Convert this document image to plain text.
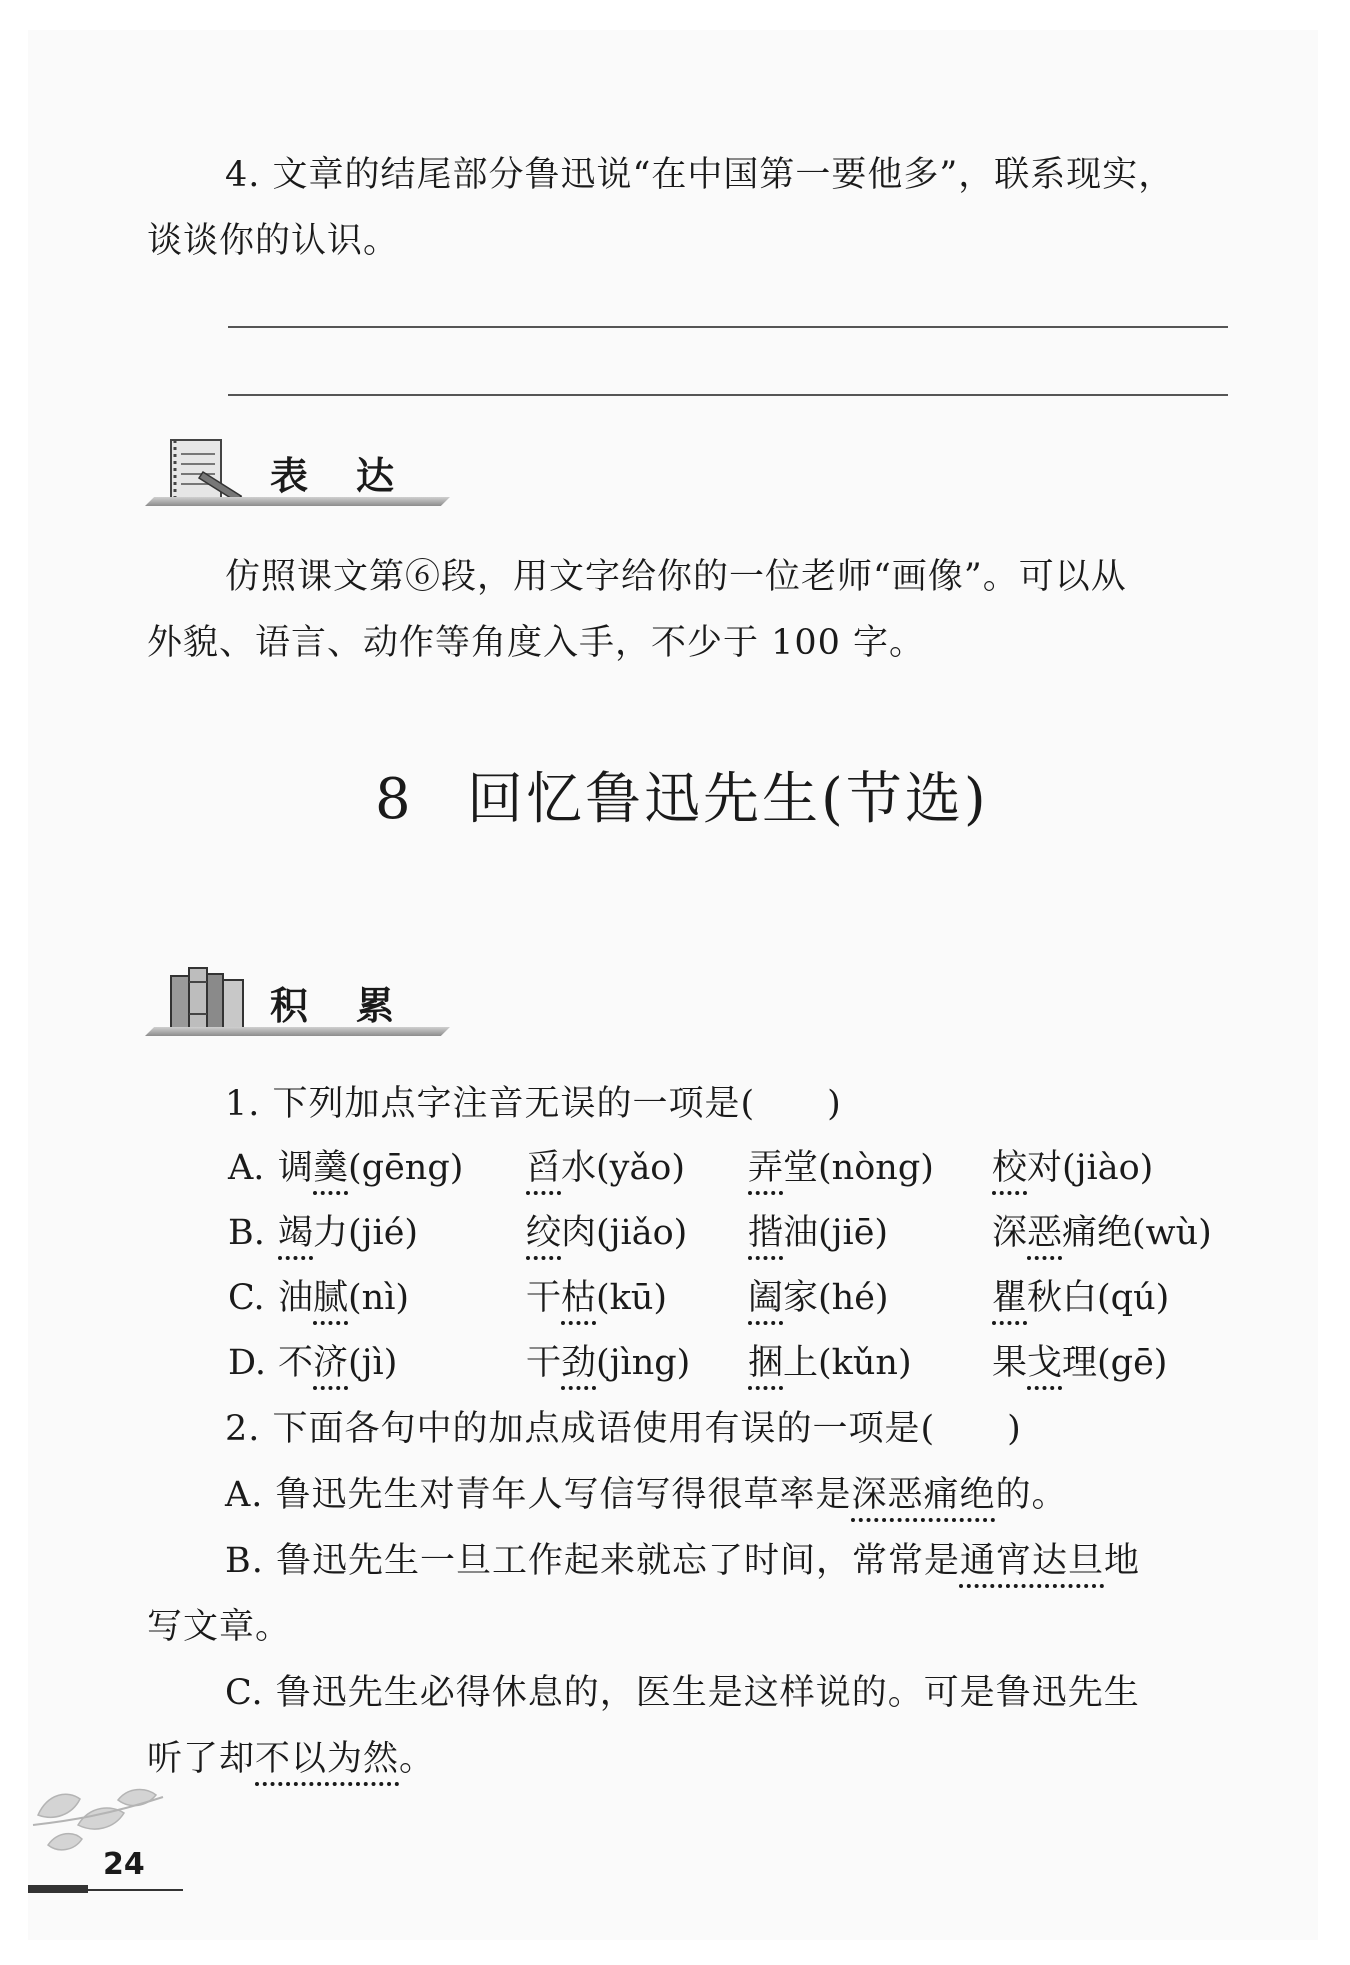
4. 文章的结尾部分鲁迅说“在中国第一要他多”，联系现实，
谈谈你的认识。
表达
仿照课文第⑥段，用文字给你的一位老师“画像”。可以从
外貌、语言、动作等角度入手，不少于 100 字。
8 回忆鲁迅先生(节选)
积累
1. 下列加点字注音无误的一项是(　　)
A. 调羹(gēng)	舀水(yǎo)	弄堂(nòng)	校对(jiào)
B. 竭力(jié)	绞肉(jiǎo)	揩油(jiē)	深恶痛绝(wù)
C. 油腻(nì)	干枯(kū)	阖家(hé)	瞿秋白(qú)
D. 不济(jì)	干劲(jìng)	捆上(kǔn)	果戈理(gē)
2. 下面各句中的加点成语使用有误的一项是(　　)
A. 鲁迅先生对青年人写信写得很草率是深恶痛绝的。
B. 鲁迅先生一旦工作起来就忘了时间，常常是通宵达旦地
写文章。
C. 鲁迅先生必得休息的，医生是这样说的。可是鲁迅先生
听了却不以为然。
24
